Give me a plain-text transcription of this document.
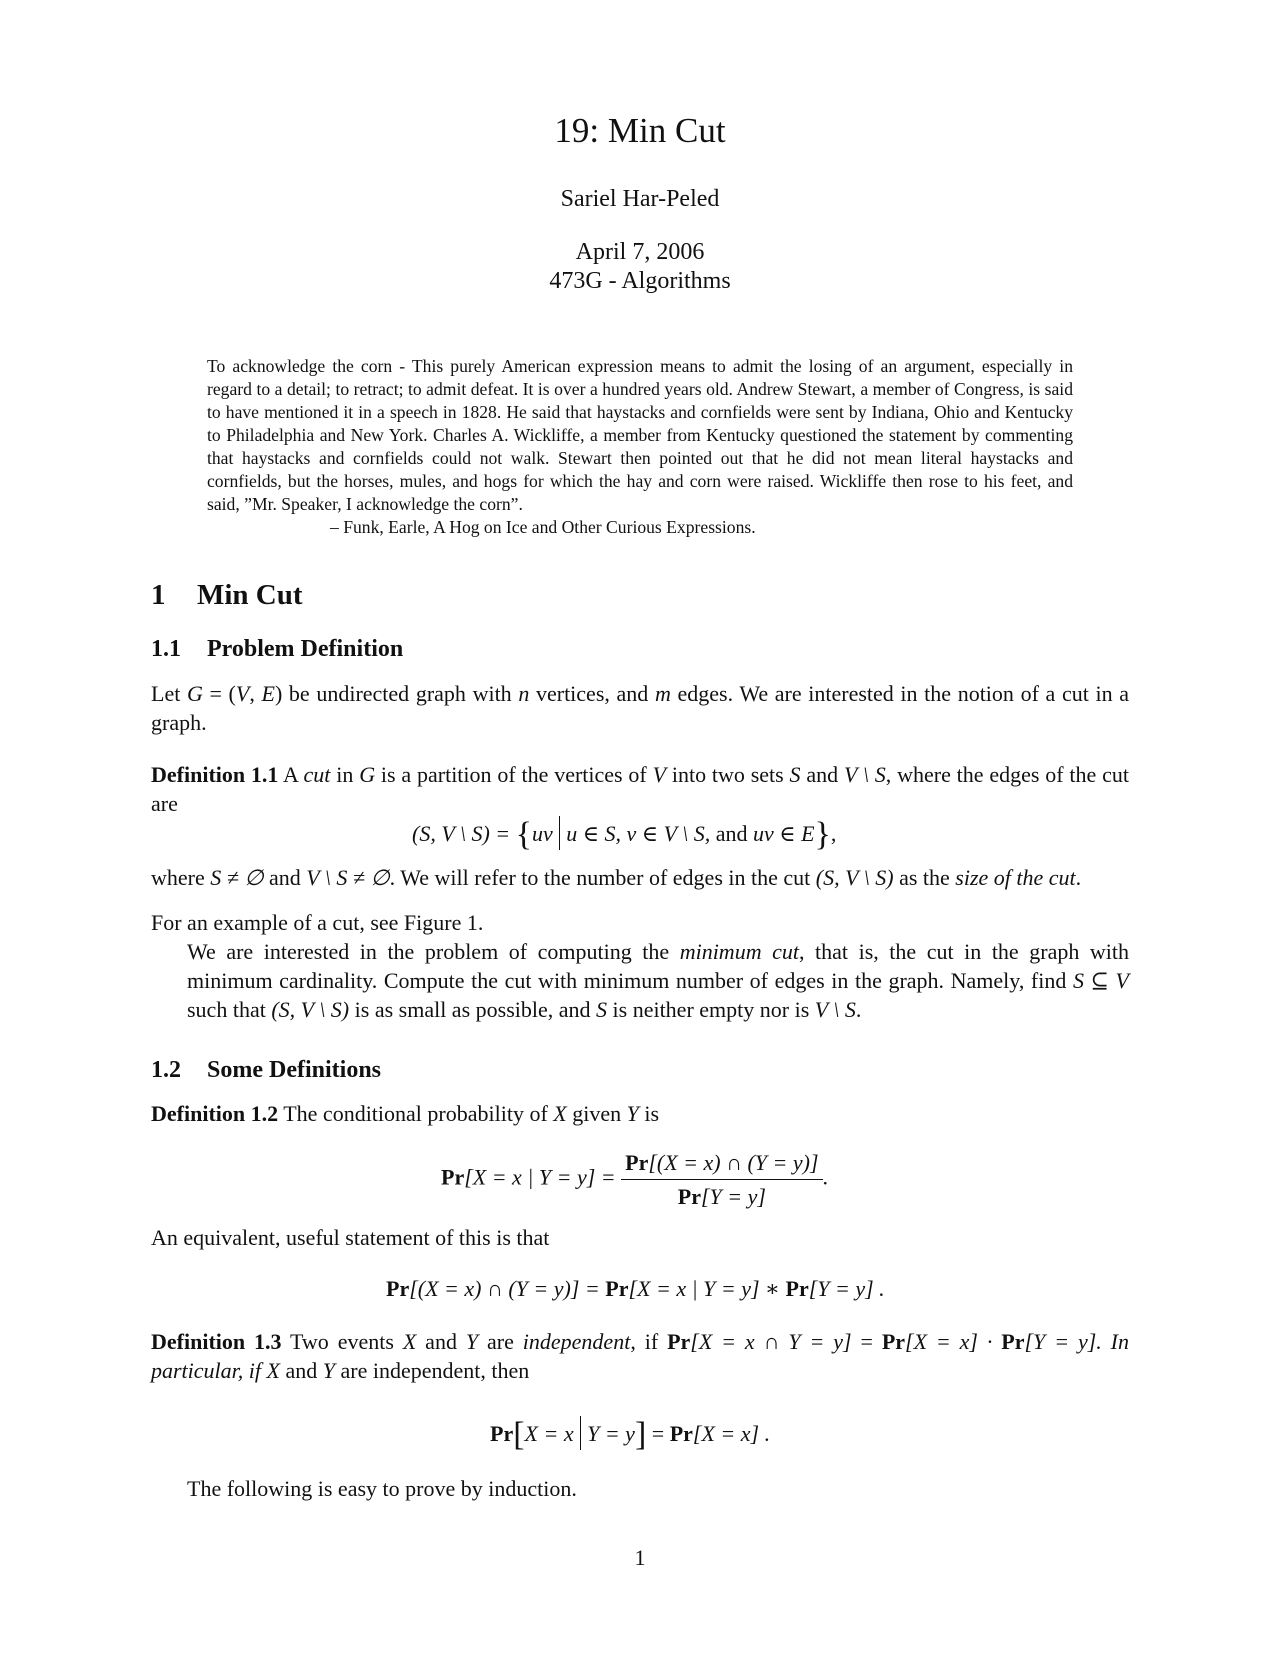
19: Min Cut
Sariel Har-Peled
April 7, 2006
473G - Algorithms
To acknowledge the corn - This purely American expression means to admit the losing of an argument, especially in regard to a detail; to retract; to admit defeat. It is over a hundred years old. Andrew Stewart, a member of Congress, is said to have mentioned it in a speech in 1828. He said that haystacks and cornfields were sent by Indiana, Ohio and Kentucky to Philadelphia and New York. Charles A. Wickliffe, a member from Kentucky questioned the statement by commenting that haystacks and cornfields could not walk. Stewart then pointed out that he did not mean literal haystacks and cornfields, but the horses, mules, and hogs for which the hay and corn were raised. Wickliffe then rose to his feet, and said, ”Mr. Speaker, I acknowledge the corn”.
– Funk, Earle, A Hog on Ice and Other Curious Expressions.
1 Min Cut
1.1 Problem Definition
Let G = (V, E) be undirected graph with n vertices, and m edges. We are interested in the notion of a cut in a graph.
Definition 1.1 A cut in G is a partition of the vertices of V into two sets S and V \ S, where the edges of the cut are
(S, V \ S) = {uv u ∈ S, v ∈ V \ S, and uv ∈ E},
where S ≠ ∅ and V \ S ≠ ∅. We will refer to the number of edges in the cut (S, V \ S) as the size of the cut.
For an example of a cut, see Figure 1.
We are interested in the problem of computing the minimum cut, that is, the cut in the graph with minimum cardinality. Compute the cut with minimum number of edges in the graph. Namely, find S ⊆ V such that (S, V \ S) is as small as possible, and S is neither empty nor is V \ S.
1.2 Some Definitions
Definition 1.2 The conditional probability of X given Y is
Pr[X = x | $Y = y] = \frac{Pr[(X = x) \cap (Y = y)]}{Pr[Y = y]}$ .
An equivalent, useful statement of this is that
Pr[(X = x) ∩ (Y = y)] = Pr[X = x | Y = y] ∗ Pr[Y = y] .
Definition 1.3 Two events X and Y are independent, if Pr[X = x ∩ Y = y] = Pr[X = x] · Pr[Y = y]. In particular, if X and Y are independent, then
Pr[X = x Y = y] = Pr[X = x] .
The following is easy to prove by induction.
1
